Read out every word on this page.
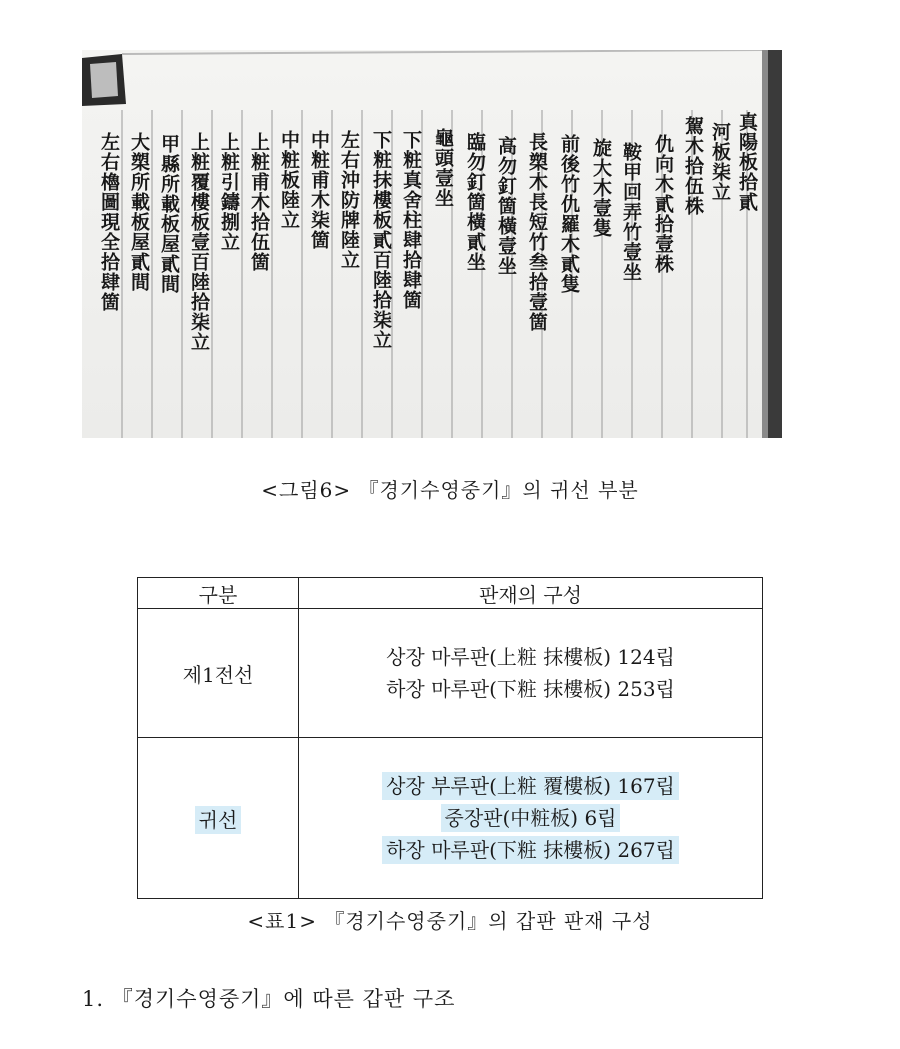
真陽板拾貳
河板柒立
駕木拾伍株
仇向木貳拾壹株
鞍甲回弄竹壹坐
旋大木壹隻
前後竹仇羅木貳隻
長槊木長短竹叁拾壹箇
高勿釘箇橫壹坐
臨勿釘箇橫貳坐
龜頭壹坐
下粧真舍柱肆拾肆箇
下粧抹樓板貳百陸拾柒立
左右沖防牌陸立
中粧甫木柒箇
中粧板陸立
上粧甫木拾伍箇
上粧引鑄捌立
上粧覆樓板壹百陸拾柒立
甲縣所載板屋貳間
大槊所載板屋貳間
左右櫓圖現全拾肆箇
<그림6> 『경기수영중기』의 귀선 부분
구분	판재의 구성
제1전선	상장 마루판(上粧 抹樓板) 124립
하장 마루판(下粧 抹樓板) 253립

귀선	상장 부루판(上粧 覆樓板) 167립
중장판(中粧板) 6립
하장 마루판(下粧 抹樓板) 267립
<표1> 『경기수영중기』의 갑판 판재 구성
1. 『경기수영중기』에 따른 갑판 구조
